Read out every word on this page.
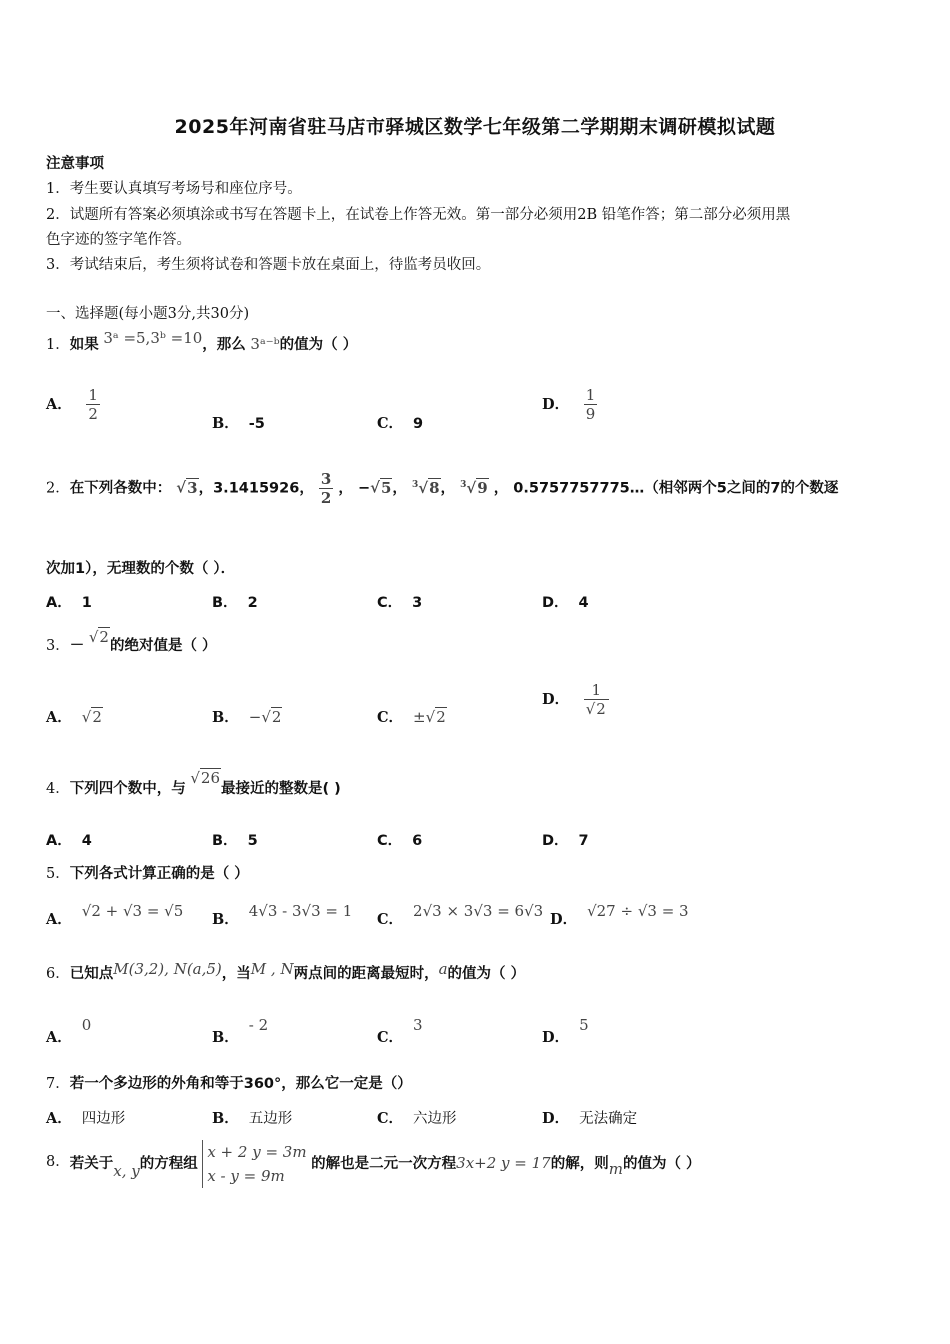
2025年河南省驻马店市驿城区数学七年级第二学期期末调研模拟试题
注意事项
1．考生要认真填写考场号和座位序号。
2．试题所有答案必须填涂或书写在答题卡上，在试卷上作答无效。第一部分必须用2B 铅笔作答；第二部分必须用黑
色字迹的签字笔作答。
3．考试结束后，考生须将试卷和答题卡放在桌面上，待监考员收回。
一、选择题(每小题3分,共30分)
1．如果 3ᵃ =5,3ᵇ =10，那么 3ᵃ⁻ᵇ的值为（ ）
A． $\frac{1}{2}$
B． -5	C． 9
D． $\frac{1}{9}$
2．在下列各数中： √3，3.1415926， $\frac{3}{2}$ ， −√5， $^3$√8， $^3$√9 ， 0.5757757775…（相邻两个5之间的7的个数逐
次加1），无理数的个数（ ）．
A． 1	B． 2	C． 3	D． 4
3．－ √2的绝对值是（ ）
A． √2	B． −√2	C． ±√2
D． $\frac{1}{√2}$
4．下列四个数中，与 √26最接近的整数是( )
A． 4	B． 5	C． 6	D． 7
5．下列各式计算正确的是（ ）
A． √2 + √3 = √5 B． 4√3 - 3√3 = 1 C． 2√3 × 3√3 = 6√3 D． √27 ÷ √3 = 3
6．已知点M(3,2), N(a,5)，当M , N两点间的距离最短时，a的值为（ ）
A．0
B．- 2
C．3
D．5
7．若一个多边形的外角和等于360°，那么它一定是（）
A． 四边形	B． 五边形	C． 六边形	D． 无法确定
8．若关于x, y的方程组
x + 2 y = 3m
x - y = 9m
的解也是二元一次方程3x+2 y = 17的解，则m的值为（ ）
